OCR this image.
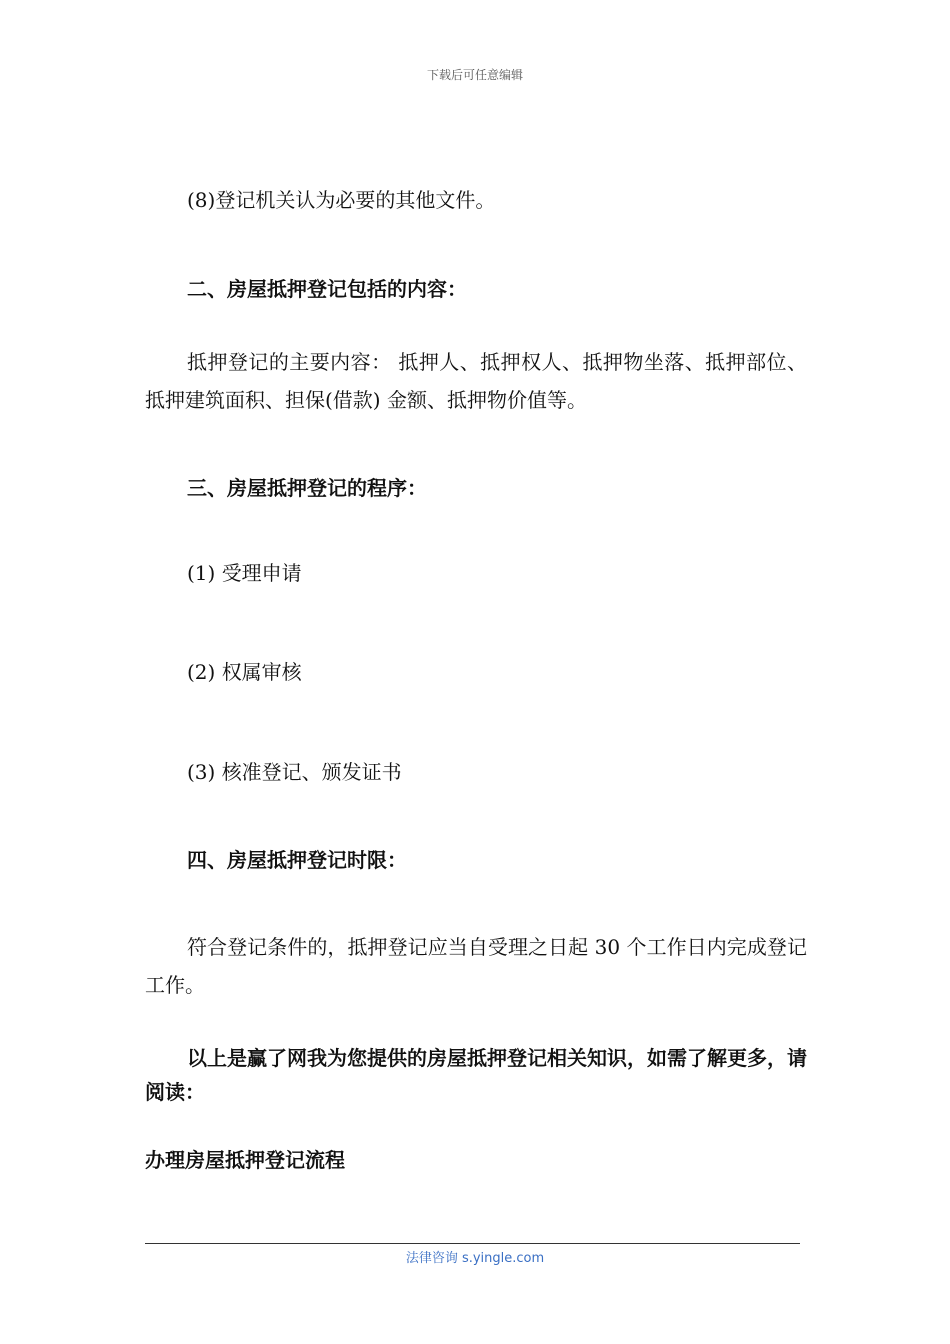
下载后可任意编辑

(8)登记机关认为必要的其他文件。

二、房屋抵押登记包括的内容：

抵押登记的主要内容： 抵押人、抵押权人、抵押物坐落、抵押部位、抵押建筑面积、担保(借款) 金额、抵押物价值等。

三、房屋抵押登记的程序：

(1) 受理申请

(2) 权属审核

(3) 核准登记、颁发证书

四、房屋抵押登记时限：

符合登记条件的，抵押登记应当自受理之日起 30 个工作日内完成登记工作。

以上是赢了网我为您提供的房屋抵押登记相关知识，如需了解更多，请阅读：

办理房屋抵押登记流程

法律咨询 s.yingle.com
